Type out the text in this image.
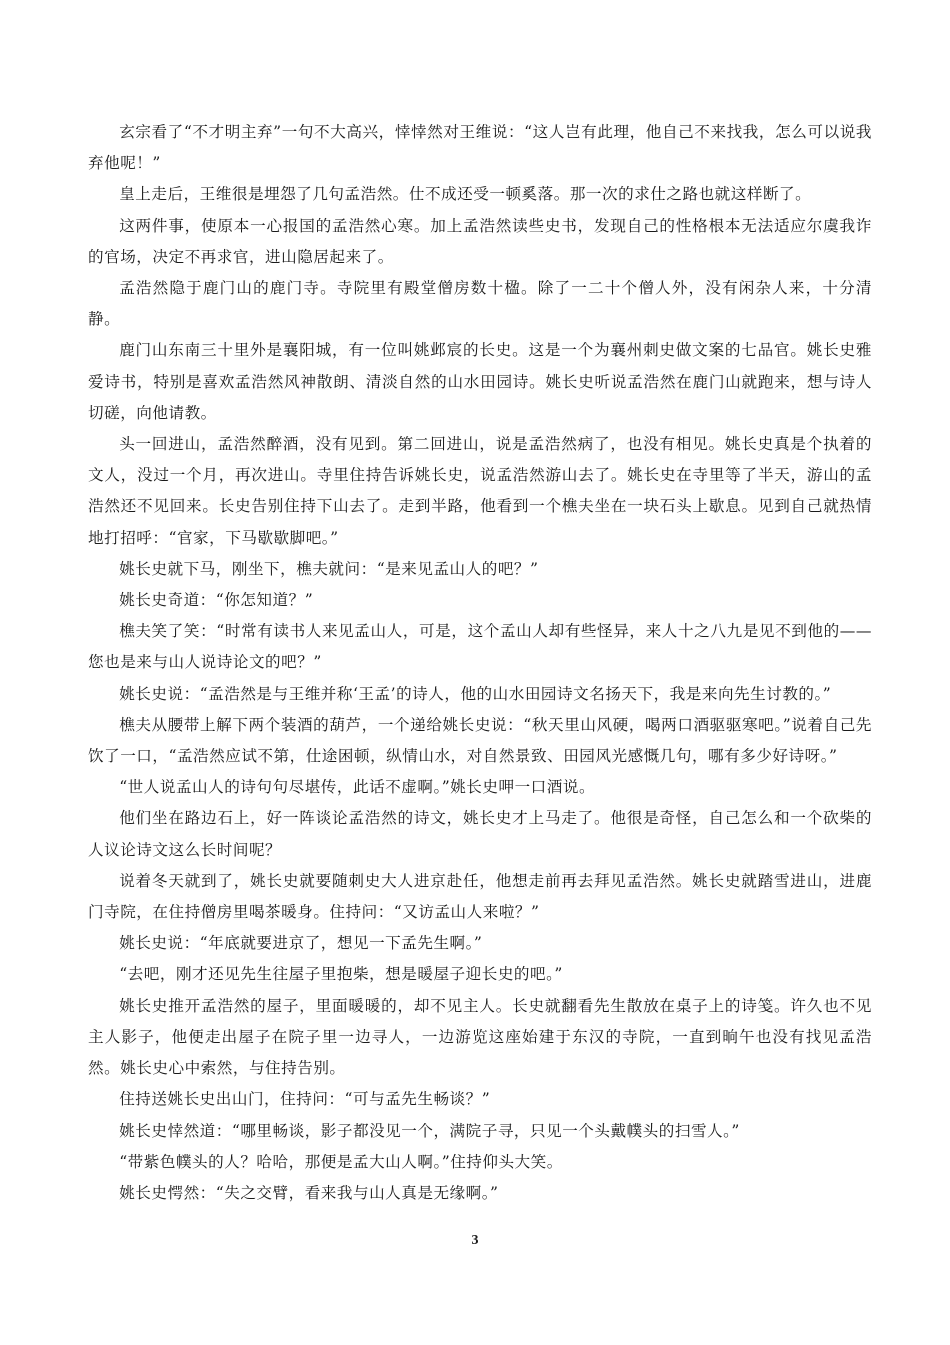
玄宗看了“不才明主弃”一句不大高兴，悻悻然对王维说：“这人岂有此理，他自己不来找我，怎么可以说我弃他呢！”

皇上走后，王维很是埋怨了几句孟浩然。仕不成还受一顿奚落。那一次的求仕之路也就这样断了。

这两件事，使原本一心报国的孟浩然心寒。加上孟浩然读些史书，发现自己的性格根本无法适应尔虞我诈的官场，决定不再求官，进山隐居起来了。

孟浩然隐于鹿门山的鹿门寺。寺院里有殿堂僧房数十楹。除了一二十个僧人外，没有闲杂人来，十分清静。

鹿门山东南三十里外是襄阳城，有一位叫姚邺宸的长史。这是一个为襄州刺史做文案的七品官。姚长史雅爱诗书，特别是喜欢孟浩然风神散朗、清淡自然的山水田园诗。姚长史听说孟浩然在鹿门山就跑来，想与诗人切磋，向他请教。

头一回进山，孟浩然醉酒，没有见到。第二回进山，说是孟浩然病了，也没有相见。姚长史真是个执着的文人，没过一个月，再次进山。寺里住持告诉姚长史，说孟浩然游山去了。姚长史在寺里等了半天，游山的孟浩然还不见回来。长史告别住持下山去了。走到半路，他看到一个樵夫坐在一块石头上歇息。见到自己就热情地打招呼：“官家，下马歇歇脚吧。”

姚长史就下马，刚坐下，樵夫就问：“是来见孟山人的吧？”

姚长史奇道：“你怎知道？”

樵夫笑了笑：“时常有读书人来见孟山人，可是，这个孟山人却有些怪异，来人十之八九是见不到他的——您也是来与山人说诗论文的吧？”

姚长史说：“孟浩然是与王维并称‘王孟’的诗人，他的山水田园诗文名扬天下，我是来向先生讨教的。”

樵夫从腰带上解下两个装酒的葫芦，一个递给姚长史说：“秋天里山风硬，喝两口酒驱驱寒吧。”说着自己先饮了一口，“孟浩然应试不第，仕途困顿，纵情山水，对自然景致、田园风光感慨几句，哪有多少好诗呀。”

“世人说孟山人的诗句句尽堪传，此话不虚啊。”姚长史呷一口酒说。

他们坐在路边石上，好一阵谈论孟浩然的诗文，姚长史才上马走了。他很是奇怪，自己怎么和一个砍柴的人议论诗文这么长时间呢？

说着冬天就到了，姚长史就要随刺史大人进京赴任，他想走前再去拜见孟浩然。姚长史就踏雪进山，进鹿门寺院，在住持僧房里喝茶暖身。住持问：“又访孟山人来啦？”

姚长史说：“年底就要进京了，想见一下孟先生啊。”

“去吧，刚才还见先生往屋子里抱柴，想是暖屋子迎长史的吧。”

姚长史推开孟浩然的屋子，里面暖暖的，却不见主人。长史就翻看先生散放在桌子上的诗笺。许久也不见主人影子，他便走出屋子在院子里一边寻人，一边游览这座始建于东汉的寺院，一直到晌午也没有找见孟浩然。姚长史心中索然，与住持告别。

住持送姚长史出山门，住持问：“可与孟先生畅谈？”

姚长史悻然道：“哪里畅谈，影子都没见一个，满院子寻，只见一个头戴幞头的扫雪人。”

“带紫色幞头的人？哈哈，那便是孟大山人啊。”住持仰头大笑。

姚长史愕然：“失之交臂，看来我与山人真是无缘啊。”

3
